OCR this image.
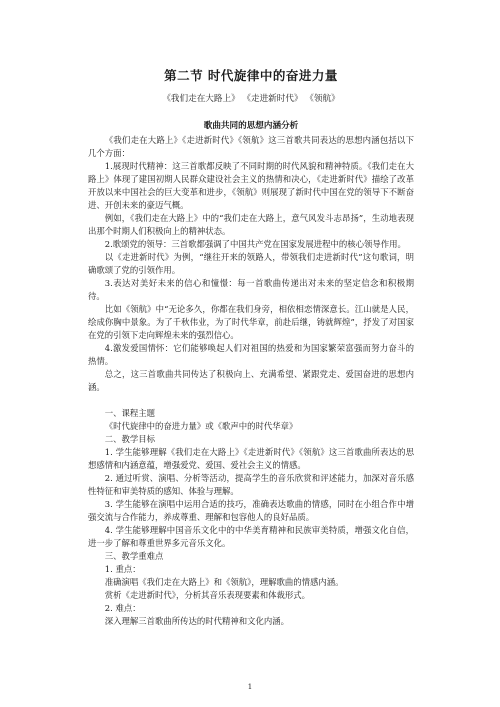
第二节 时代旋律中的奋进力量
《我们走在大路上》 《走进新时代》 《领航》
歌曲共同的思想内涵分析

《我们走在大路上》《走进新时代》《领航》这三首歌共同表达的思想内涵包括以下几个方面：

1.展现时代精神：这三首歌都反映了不同时期的时代风貌和精神特质。《我们走在大路上》体现了建国初期人民群众建设社会主义的热情和决心，《走进新时代》描绘了改革开放以来中国社会的巨大变革和进步，《领航》则展现了新时代中国在党的领导下不断奋进、开创未来的豪迈气概。

例如，《我们走在大路上》中的“我们走在大路上，意气风发斗志昂扬”，生动地表现出那个时期人们积极向上的精神状态。

2.歌颂党的领导：三首歌都强调了中国共产党在国家发展进程中的核心领导作用。

以《走进新时代》为例，“继往开来的领路人，带领我们走进新时代”这句歌词，明确歌颂了党的引领作用。

3.表达对美好未来的信心和憧憬：每一首歌曲传递出对未来的坚定信念和积极期待。

比如《领航》中“无论多久，你都在我们身旁，相依相恋情深意长。江山就是人民，绘成你胸中景象。为了千秋伟业，为了时代华章，前赴后继，铸就辉煌”，抒发了对国家在党的引领下走向辉煌未来的强烈信心。

4.激发爱国情怀：它们能够唤起人们对祖国的热爱和为国家繁荣富强而努力奋斗的热情。

总之，这三首歌曲共同传达了积极向上、充满希望、紧跟党走、爱国奋进的思想内涵。

一、课程主题

《时代旋律中的奋进力量》或《歌声中的时代华章》

二、教学目标

1. 学生能够理解《我们走在大路上》《走进新时代》《领航》这三首歌曲所表达的思想感情和内涵意蕴，增强爱党、爱国、爱社会主义的情感。

2. 通过听赏、演唱、分析等活动，提高学生的音乐欣赏和评述能力，加深对音乐感性特征和审美特质的感知、体验与理解。

3. 学生能够在演唱中运用合适的技巧，准确表达歌曲的情感，同时在小组合作中增强交流与合作能力，养成尊重、理解和包容他人的良好品质。

4. 学生能够理解中国音乐文化中的中华美育精神和民族审美特质，增强文化自信，进一步了解和尊重世界多元音乐文化。

三、教学重难点

1. 重点：

准确演唱《我们走在大路上》和《领航》，理解歌曲的情感内涵。

赏析《走进新时代》，分析其音乐表现要素和体裁形式。

2. 难点：

深入理解三首歌曲所传达的时代精神和文化内涵。

1
